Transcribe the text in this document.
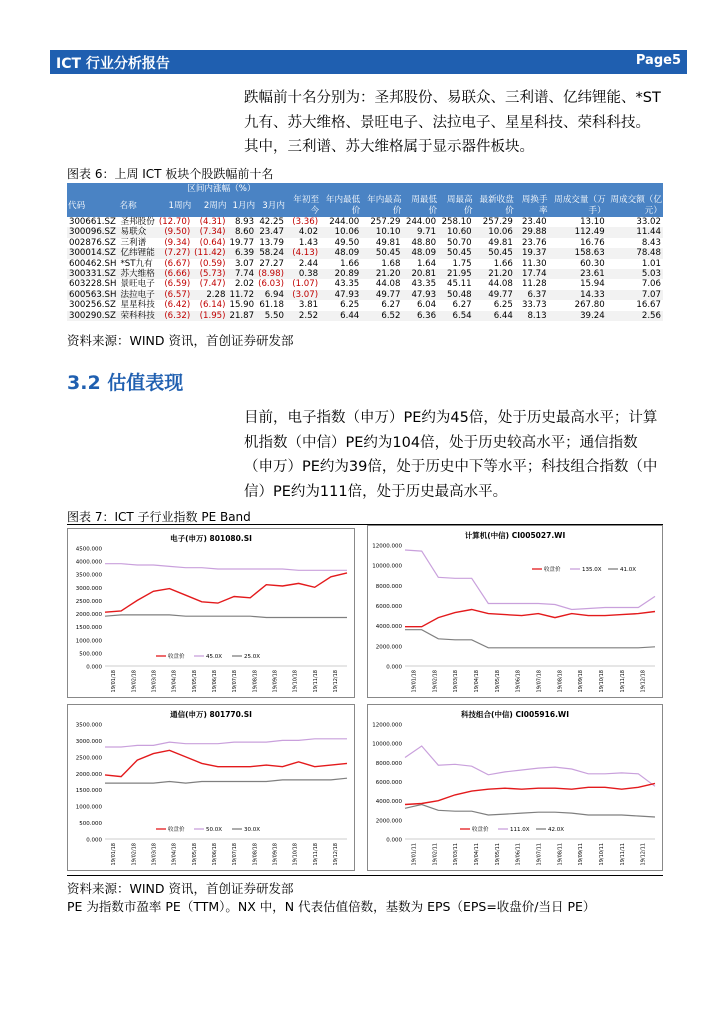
ICT 行业分析报告	Page5
跌幅前十名分别为：圣邦股份、易联众、三利谱、亿纬锂能、*ST
九有、苏大维格、景旺电子、法拉电子、星星科技、荣科科技。
其中，三利谱、苏大维格属于显示器件板块。
图表 6：上周 ICT 板块个股跌幅前十名
		区间内涨幅（%）												
代码	名称	1周内	2周内	1月内	3月内	年初至今	年内最低价	年内最高价	周最低价	周最高价	最新收盘价	周换手率	周成交量（万手）	周成交额（亿元）
300661.SZ	圣邦股份	(12.70)	(4.31)	8.93	42.25	(3.36)	244.00	257.29	244.00	258.10	257.29	23.40	13.10	33.02
300096.SZ	易联众	(9.50)	(7.34)	8.60	23.47	4.02	10.06	10.10	9.71	10.60	10.06	29.88	112.49	11.44
002876.SZ	三利谱	(9.34)	(0.64)	19.77	13.79	1.43	49.50	49.81	48.80	50.70	49.81	23.76	16.76	8.43
300014.SZ	亿纬锂能	(7.27)	(11.42)	6.39	58.24	(4.13)	48.09	50.45	48.09	50.45	50.45	19.37	158.63	78.48
600462.SH	*ST九有	(6.67)	(0.59)	3.07	27.27	2.44	1.66	1.68	1.64	1.75	1.66	11.30	60.30	1.01
300331.SZ	苏大维格	(6.66)	(5.73)	7.74	(8.98)	0.38	20.89	21.20	20.81	21.95	21.20	17.74	23.61	5.03
603228.SH	景旺电子	(6.59)	(7.47)	2.02	(6.03)	(1.07)	43.35	44.08	43.35	45.11	44.08	11.28	15.94	7.06
600563.SH	法拉电子	(6.57)	2.28	11.72	6.94	(3.07)	47.93	49.77	47.93	50.48	49.77	6.37	14.33	7.07
300256.SZ	星星科技	(6.42)	(6.14)	15.90	61.18	3.81	6.25	6.27	6.04	6.27	6.25	33.73	267.80	16.67
300290.SZ	荣科科技	(6.32)	(1.95)	21.87	5.50	2.52	6.44	6.52	6.36	6.54	6.44	8.13	39.24	2.56
资料来源：WIND 资讯，首创证券研发部
3.2 估值表现
目前，电子指数（申万）PE约为45倍，处于历史最高水平；计算
机指数（中信）PE约为104倍，处于历史较高水平；通信指数
（申万）PE约为39倍，处于历史中下等水平；科技组合指数（中
信）PE约为111倍，处于历史最高水平。
图表 7：ICT 子行业指数 PE Band
电子(申万) 801080.SI
0.000
500.000
1000.000
1500.000
2000.000
2500.000
3000.000
3500.000
4000.000
4500.000
19/01/18	19/02/18	19/03/18	19/04/18	19/05/18	19/06/18	19/07/18	19/08/18	19/09/18	19/10/18	19/11/18	19/12/18
收盘价	45.0X	25.0X
计算机(中信) CI005027.WI
0.000
2000.000
4000.000
6000.000
8000.000
10000.000
12000.000
19/01/18	19/02/18	19/03/18	19/04/18	19/05/18	19/06/18	19/07/18	19/08/18	19/09/18	19/10/18	19/11/18	19/12/18
收盘价	135.0X	41.0X
通信(申万) 801770.SI
0.000
500.000
1000.000
1500.000
2000.000
2500.000
3000.000
3500.000
19/01/18	19/02/18	19/03/18	19/04/18	19/05/18	19/06/18	19/07/18	19/08/18	19/09/18	19/10/18	19/11/18	19/12/18
收盘价	50.0X	30.0X
科技组合(中信) CI005916.WI
0.000
2000.000
4000.000
6000.000
8000.000
10000.000
12000.000
19/01/11	19/02/11	19/03/11	19/04/11	19/05/11	19/06/11	19/07/11	19/08/11	19/09/11	19/10/11	19/11/11	19/12/11
收盘价	111.0X	42.0X
资料来源：WIND 资讯，首创证券研发部
PE 为指数市盈率 PE（TTM）。NX 中，N 代表估值倍数，基数为 EPS（EPS=收盘价/当日 PE）
